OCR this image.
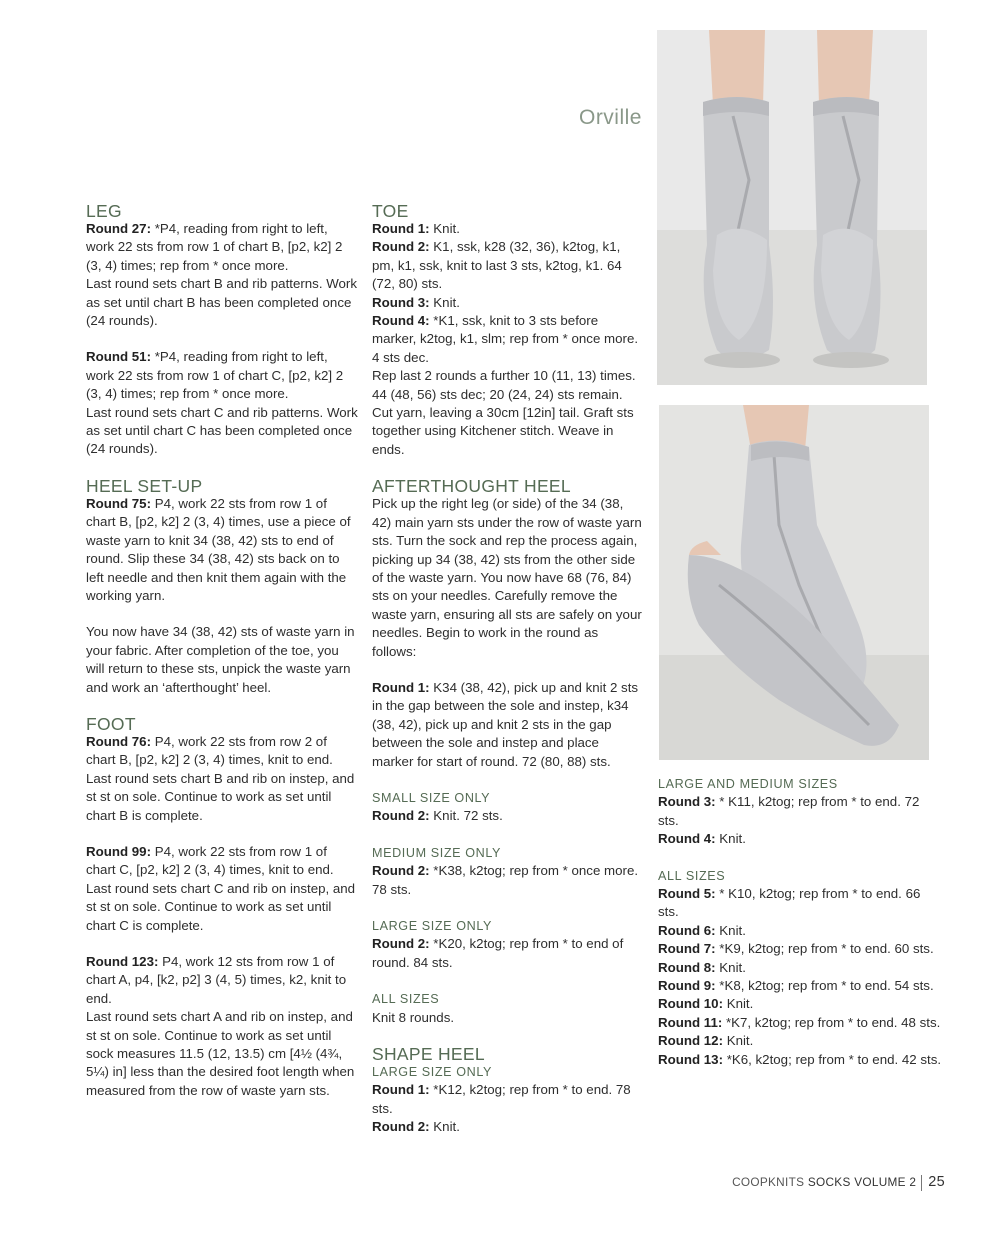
Orville
LEG

Round 27: *P4, reading from right to left, work 22 sts from row 1 of chart B, [p2, k2] 2 (3, 4) times; rep from * once more.

Last round sets chart B and rib patterns. Work as set until chart B has been completed once (24 rounds).

Round 51: *P4, reading from right to left, work 22 sts from row 1 of chart C, [p2, k2] 2 (3, 4) times; rep from * once more.

Last round sets chart C and rib patterns. Work as set until chart C has been completed once (24 rounds).

HEEL SET-UP

Round 75: P4, work 22 sts from row 1 of chart B, [p2, k2] 2 (3, 4) times, use a piece of waste yarn to knit 34 (38, 42) sts to end of round. Slip these 34 (38, 42) sts back on to left needle and then knit them again with the working yarn.

You now have 34 (38, 42) sts of waste yarn in your fabric. After completion of the toe, you will return to these sts, unpick the waste yarn and work an ‘afterthought’ heel.

FOOT

Round 76: P4, work 22 sts from row 2 of chart B, [p2, k2] 2 (3, 4) times, knit to end.

Last round sets chart B and rib on instep, and st st on sole. Continue to work as set until chart B is complete.

Round 99: P4, work 22 sts from row 1 of chart C, [p2, k2] 2 (3, 4) times, knit to end.

Last round sets chart C and rib on instep, and st st on sole. Continue to work as set until chart C is complete.

Round 123: P4, work 12 sts from row 1 of chart A, p4, [k2, p2] 3 (4, 5) times, k2, knit to end.

Last round sets chart A and rib on instep, and st st on sole. Continue to work as set until sock measures 11.5 (12, 13.5) cm [4½ (4¾, 5¼) in] less than the desired foot length when measured from the row of waste yarn sts.

TOE

Round 1: Knit.

Round 2: K1, ssk, k28 (32, 36), k2tog, k1, pm, k1, ssk, knit to last 3 sts, k2tog, k1. 64 (72, 80) sts.

Round 3: Knit.

Round 4: *K1, ssk, knit to 3 sts before marker, k2tog, k1, slm; rep from * once more. 4 sts dec.

Rep last 2 rounds a further 10 (11, 13) times. 44 (48, 56) sts dec; 20 (24, 24) sts remain. Cut yarn, leaving a 30cm [12in] tail. Graft sts together using Kitchener stitch. Weave in ends.

AFTERTHOUGHT HEEL

Pick up the right leg (or side) of the 34 (38, 42) main yarn sts under the row of waste yarn sts. Turn the sock and rep the process again, picking up 34 (38, 42) sts from the other side of the waste yarn. You now have 68 (76, 84) sts on your needles. Carefully remove the waste yarn, ensuring all sts are safely on your needles. Begin to work in the round as follows:

Round 1: K34 (38, 42), pick up and knit 2 sts in the gap between the sole and instep, k34 (38, 42), pick up and knit 2 sts in the gap between the sole and instep and place marker for start of round. 72 (80, 88) sts.

SMALL SIZE ONLY

Round 2: Knit. 72 sts.

MEDIUM SIZE ONLY

Round 2: *K38, k2tog; rep from * once more. 78 sts.

LARGE SIZE ONLY

Round 2: *K20, k2tog; rep from * to end of round. 84 sts.

ALL SIZES

Knit 8 rounds.

SHAPE HEEL
LARGE SIZE ONLY

Round 1: *K12, k2tog; rep from * to end. 78 sts.

Round 2: Knit.

LARGE AND MEDIUM SIZES

Round 3: * K11, k2tog; rep from * to end. 72 sts.

Round 4: Knit.

ALL SIZES

Round 5: * K10, k2tog; rep from * to end. 66 sts.

Round 6: Knit.

Round 7: *K9, k2tog; rep from * to end. 60 sts.

Round 8: Knit.

Round 9: *K8, k2tog; rep from * to end. 54 sts.

Round 10: Knit.

Round 11: *K7, k2tog; rep from * to end. 48 sts.

Round 12: Knit.

Round 13: *K6, k2tog; rep from * to end. 42 sts.

COOPKNITS SOCKS VOLUME 2 25
